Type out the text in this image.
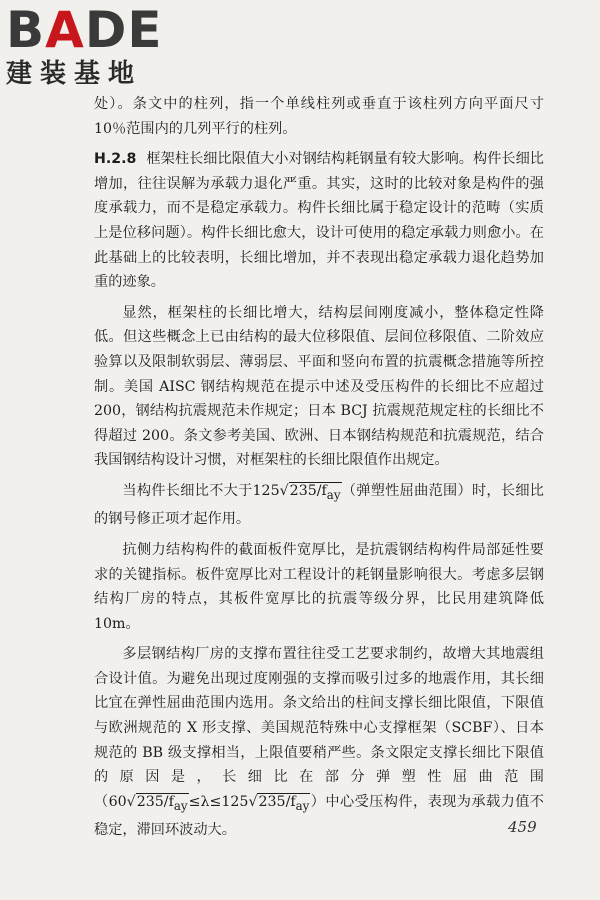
BADE
建装基地

处）。条文中的柱列，指一个单线柱列或垂直于该柱列方向平面尺寸 10％范围内的几列平行的柱列。

H.2.8 框架柱长细比限值大小对钢结构耗钢量有较大影响。构件长细比增加，往往误解为承载力退化严重。其实，这时的比较对象是构件的强度承载力，而不是稳定承载力。构件长细比属于稳定设计的范畴（实质上是位移问题）。构件长细比愈大，设计可使用的稳定承载力则愈小。在此基础上的比较表明，长细比增加，并不表现出稳定承载力退化趋势加重的迹象。

显然，框架柱的长细比增大，结构层间刚度减小，整体稳定性降低。但这些概念上已由结构的最大位移限值、层间位移限值、二阶效应验算以及限制软弱层、薄弱层、平面和竖向布置的抗震概念措施等所控制。美国 AISC 钢结构规范在提示中述及受压构件的长细比不应超过 200，钢结构抗震规范未作规定；日本 BCJ 抗震规范规定柱的长细比不得超过 200。条文参考美国、欧洲、日本钢结构规范和抗震规范，结合我国钢结构设计习惯，对框架柱的长细比限值作出规定。

当构件长细比不大于$125√235/f_{ay}$（弹塑性屈曲范围）时，长细比的钢号修正项才起作用。

抗侧力结构构件的截面板件宽厚比，是抗震钢结构构件局部延性要求的关键指标。板件宽厚比对工程设计的耗钢量影响很大。考虑多层钢结构厂房的特点，其板件宽厚比的抗震等级分界，比民用建筑降低 10m。

多层钢结构厂房的支撑布置往往受工艺要求制约，故增大其地震组合设计值。为避免出现过度刚强的支撑而吸引过多的地震作用，其长细比宜在弹性屈曲范围内选用。条文给出的柱间支撑长细比限值，下限值与欧洲规范的 X 形支撑、美国规范特殊中心支撑框架（SCBF）、日本规范的 BB 级支撑相当，上限值要稍严些。条文限定支撑长细比下限值的原因是，长细比在部分弹塑性屈曲范围$(60√235/f_{ay}\le\lambda\le 125√235/f_{ay})$中心受压构件，表现为承载力值不稳定，滞回环波动大。	459
